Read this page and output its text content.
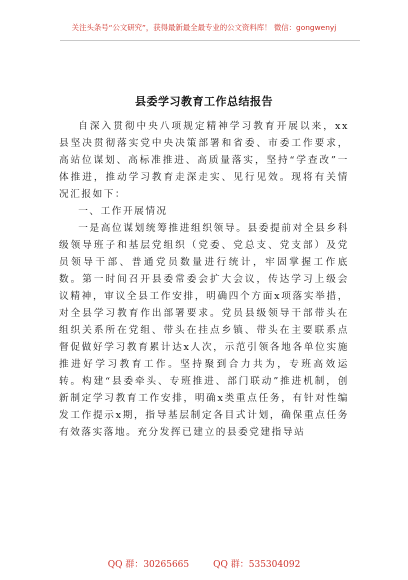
关注头条号“公文研究”，获得最新最全最专业的公文资料库！ 微信：gongwenyj
县委学习教育工作总结报告

自深入贯彻中央八项规定精神学习教育开展以来，xx县坚决贯彻落实党中央决策部署和省委、市委工作要求，高站位谋划、高标准推进、高质量落实，坚持“学查改”一体推进，推动学习教育走深走实、见行见效。现将有关情况汇报如下：

一、工作开展情况

一是高位谋划统筹推进组织领导。县委提前对全县乡科级领导班子和基层党组织（党委、党总支、党支部）及党员领导干部、普通党员数量进行统计，牢固掌握工作底数。第一时间召开县委常委会扩大会议，传达学习上级会议精神，审议全县工作安排，明确四个方面x项落实举措，对全县学习教育作出部署要求。党员县级领导干部带头在组织关系所在党组、带头在挂点乡镇、带头在主要联系点督促做好学习教育累计达x人次，示范引领各地各单位实施推进好学习教育工作。坚持聚到合力共为，专班高效运转。构建“县委牵头、专班推进、部门联动”推进机制，创新制定学习教育工作安排，明确x类重点任务，有针对性编发工作提示x期，指导基层制定各目式计划，确保重点任务有效落实落地。充分发挥已建立的县委党建指导站

QQ 群：30265665	QQ 群：535304092
